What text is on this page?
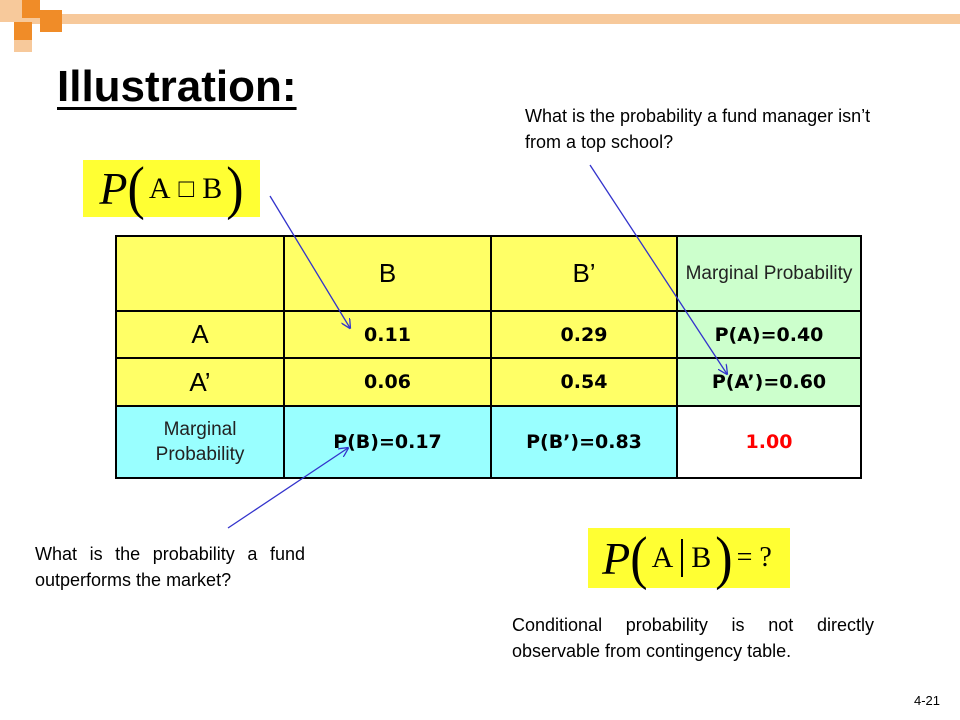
Illustration:
What is the probability a fund manager isn’t from a top school?
P ( A □ B )
	B	B’	Marginal Probability
A	0.11	0.29	P(A)=0.40
A’	0.06	0.54	P(A’)=0.60
Marginal Probability	P(B)=0.17	P(B’)=0.83	1.00
What is the probability a fund outperforms the market?	P ( A B ) = ?
Conditional probability is not directly observable from contingency table.
4-21
